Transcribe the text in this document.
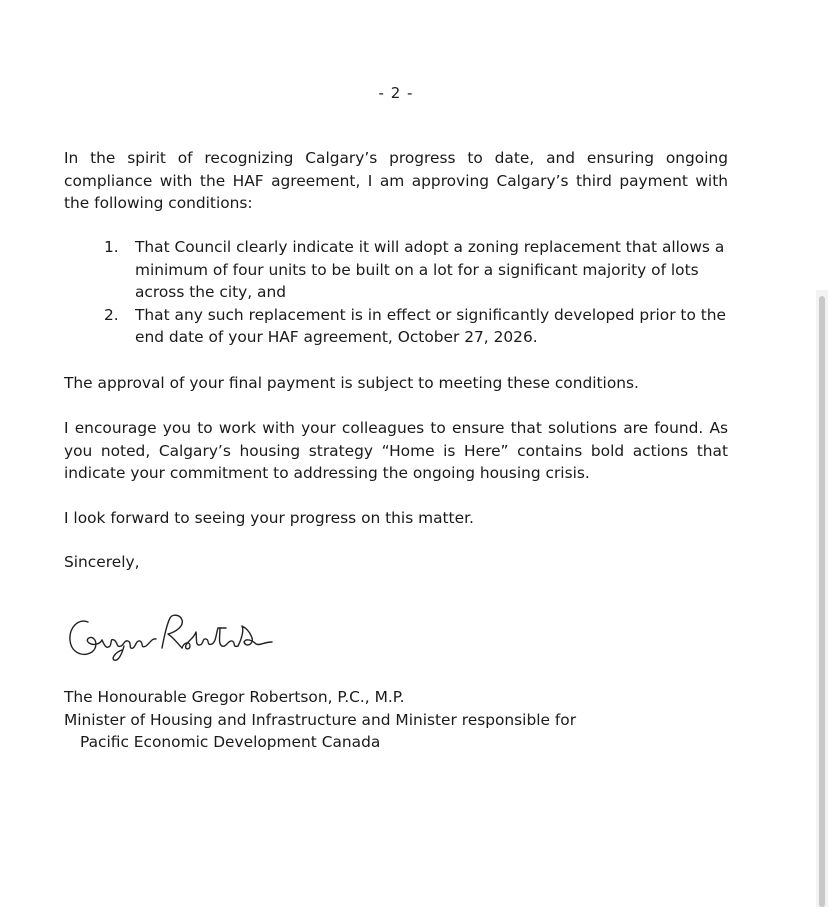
- 2 -

In the spirit of recognizing Calgary’s progress to date, and ensuring ongoing compliance with the HAF agreement, I am approving Calgary’s third payment with the following conditions:

1. That Council clearly indicate it will adopt a zoning replacement that allows a minimum of four units to be built on a lot for a significant majority of lots across the city, and
2. That any such replacement is in effect or significantly developed prior to the end date of your HAF agreement, October 27, 2026.

The approval of your final payment is subject to meeting these conditions.

I encourage you to work with your colleagues to ensure that solutions are found. As you noted, Calgary’s housing strategy “Home is Here” contains bold actions that indicate your commitment to addressing the ongoing housing crisis.

I look forward to seeing your progress on this matter.

Sincerely,

The Honourable Gregor Robertson, P.C., M.P.
Minister of Housing and Infrastructure and Minister responsible for
Pacific Economic Development Canada
